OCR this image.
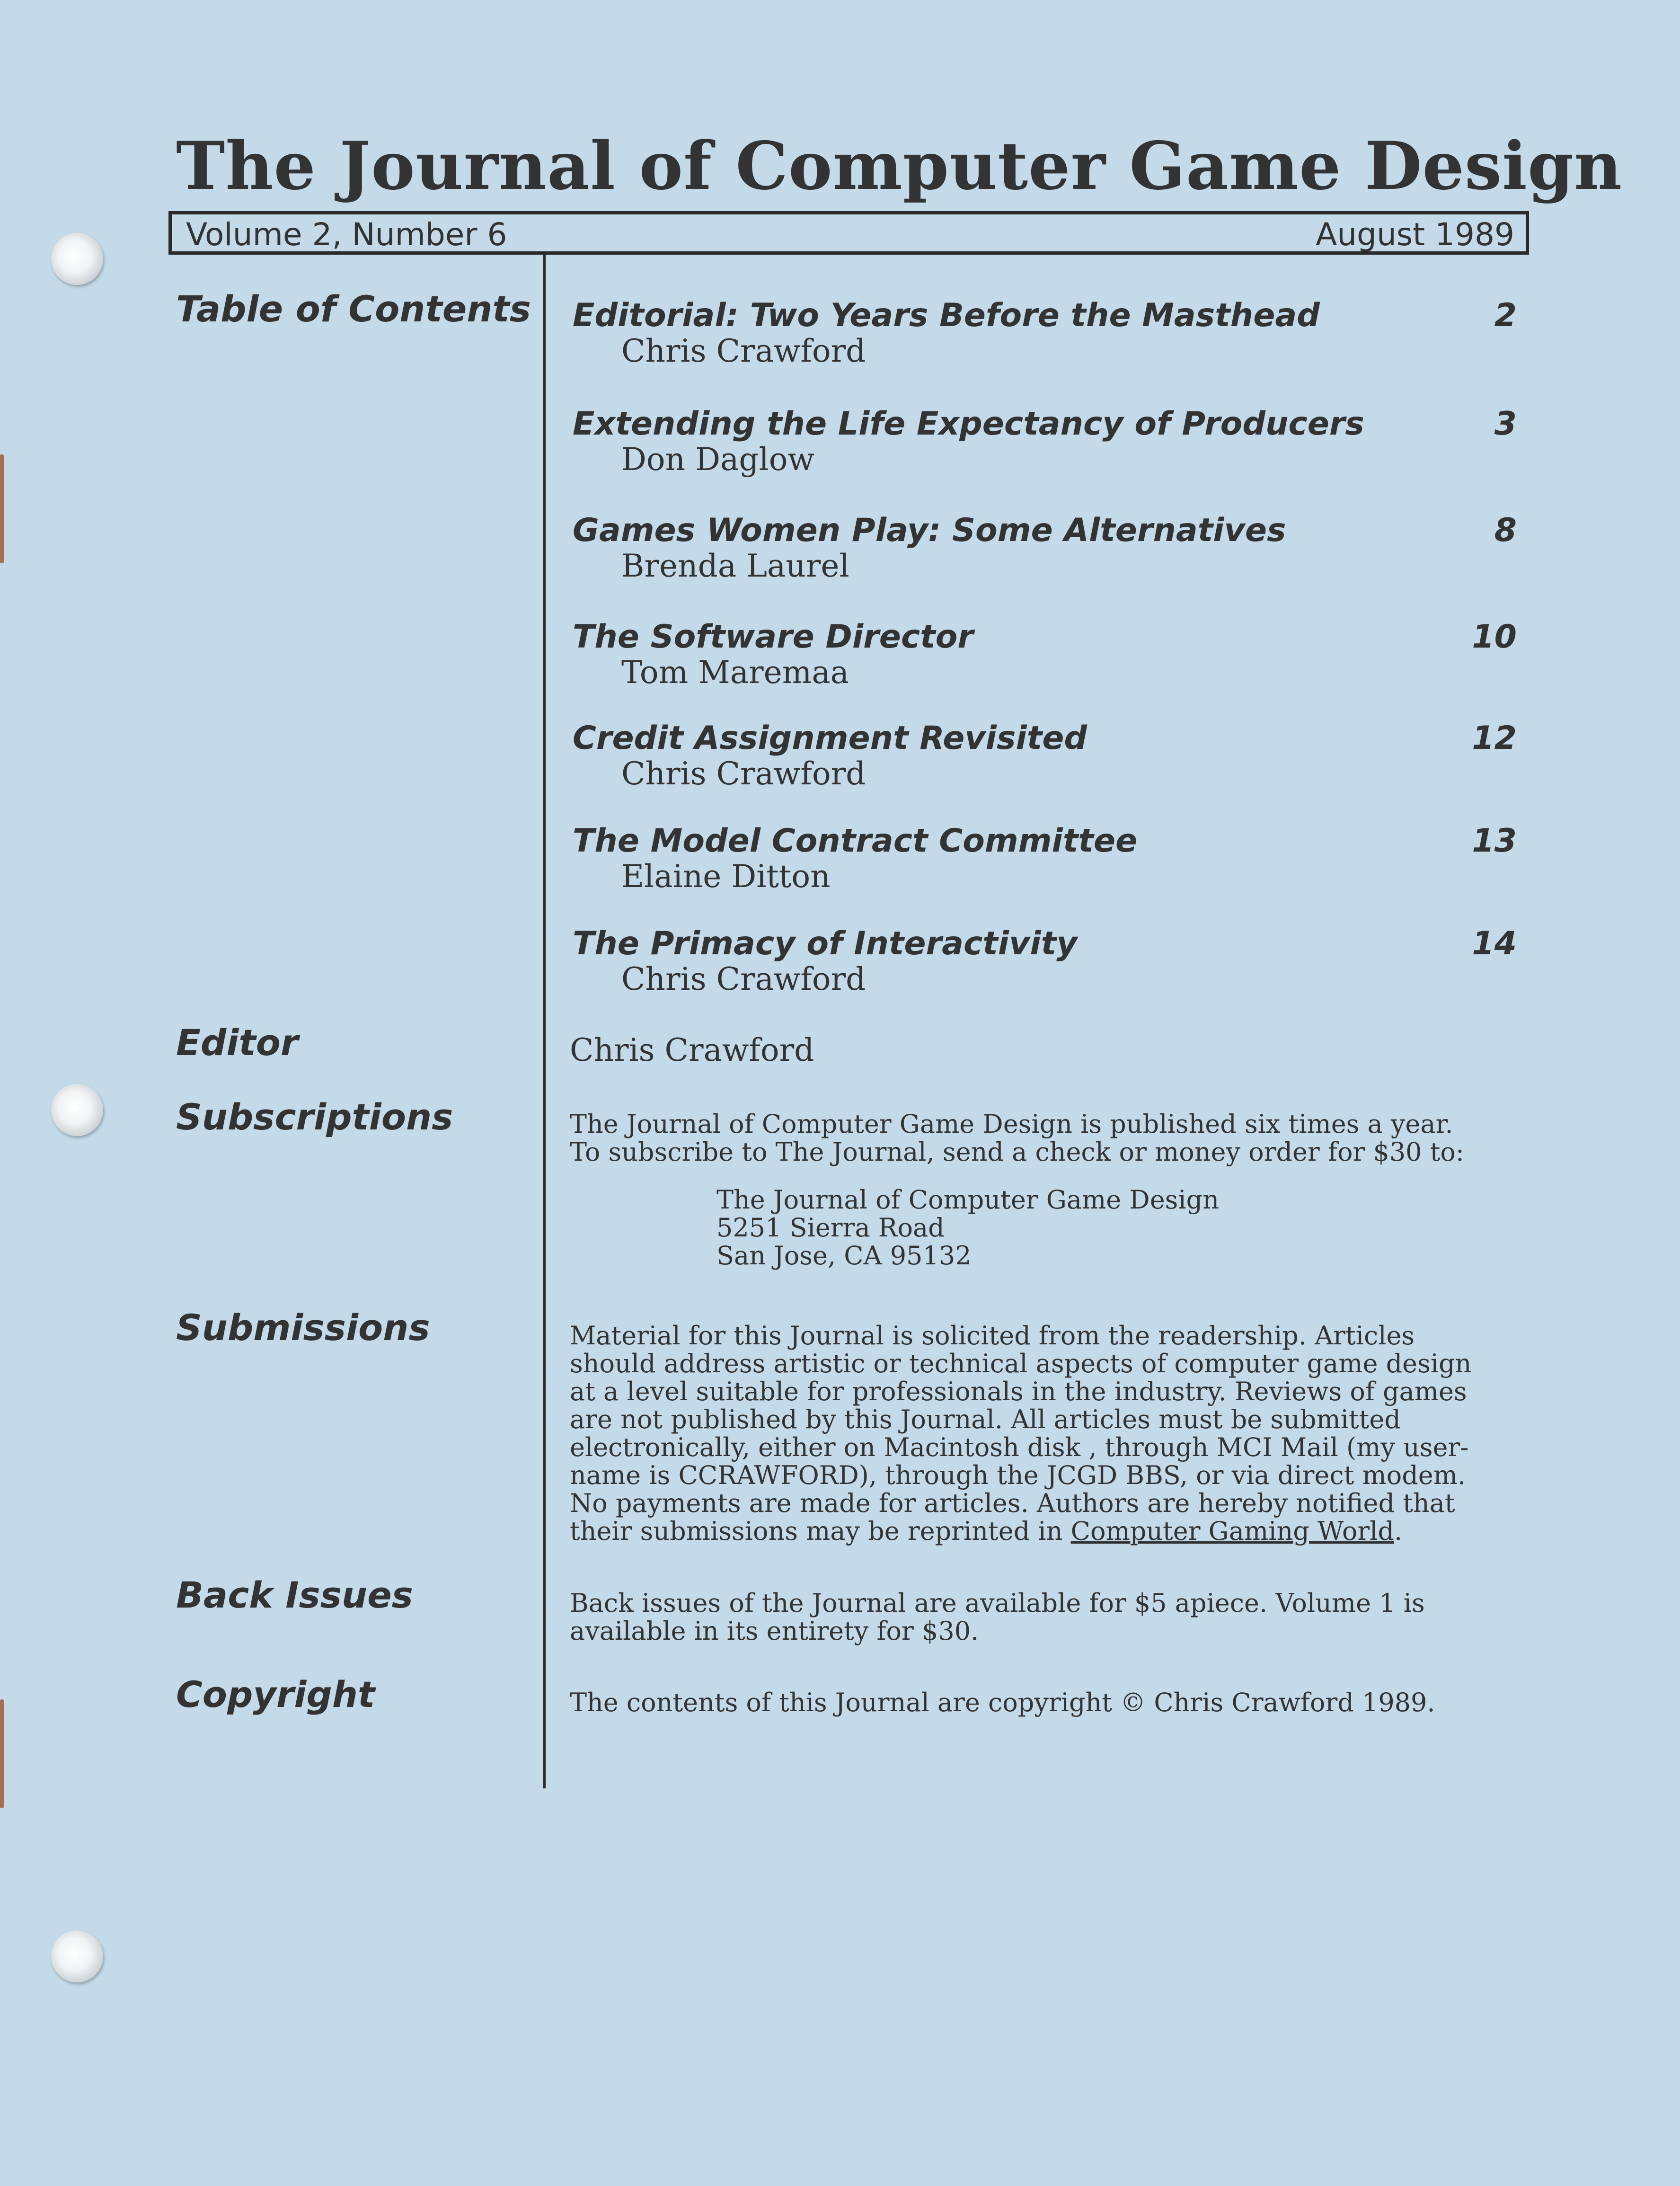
The Journal of Computer Game Design
Volume 2, Number 6	August 1989
Table of Contents
Editor
Subscriptions
Submissions
Back Issues
Copyright
Editorial: Two Years Before the Masthead
Chris Crawford
2
Extending the Life Expectancy of Producers
Don Daglow
3
Games Women Play: Some Alternatives
Brenda Laurel
8
The Software Director
Tom Maremaa
10
Credit Assignment Revisited
Chris Crawford
12
The Model Contract Committee
Elaine Ditton
13
The Primacy of Interactivity
Chris Crawford
14
Chris Crawford
The Journal of Computer Game Design is published six times a year.
To subscribe to The Journal, send a check or money order for $30 to:
The Journal of Computer Game Design
5251 Sierra Road
San Jose, CA 95132
Material for this Journal is solicited from the readership. Articles
should address artistic or technical aspects of computer game design
at a level suitable for professionals in the industry. Reviews of games
are not published by this Journal. All articles must be submitted
electronically, either on Macintosh disk , through MCI Mail (my user-
name is CCRAWFORD), through the JCGD BBS, or via direct modem.
No payments are made for articles. Authors are hereby notified that
their submissions may be reprinted in Computer Gaming World.
Back issues of the Journal are available for $5 apiece. Volume 1 is
available in its entirety for $30.
The contents of this Journal are copyright © Chris Crawford 1989.
